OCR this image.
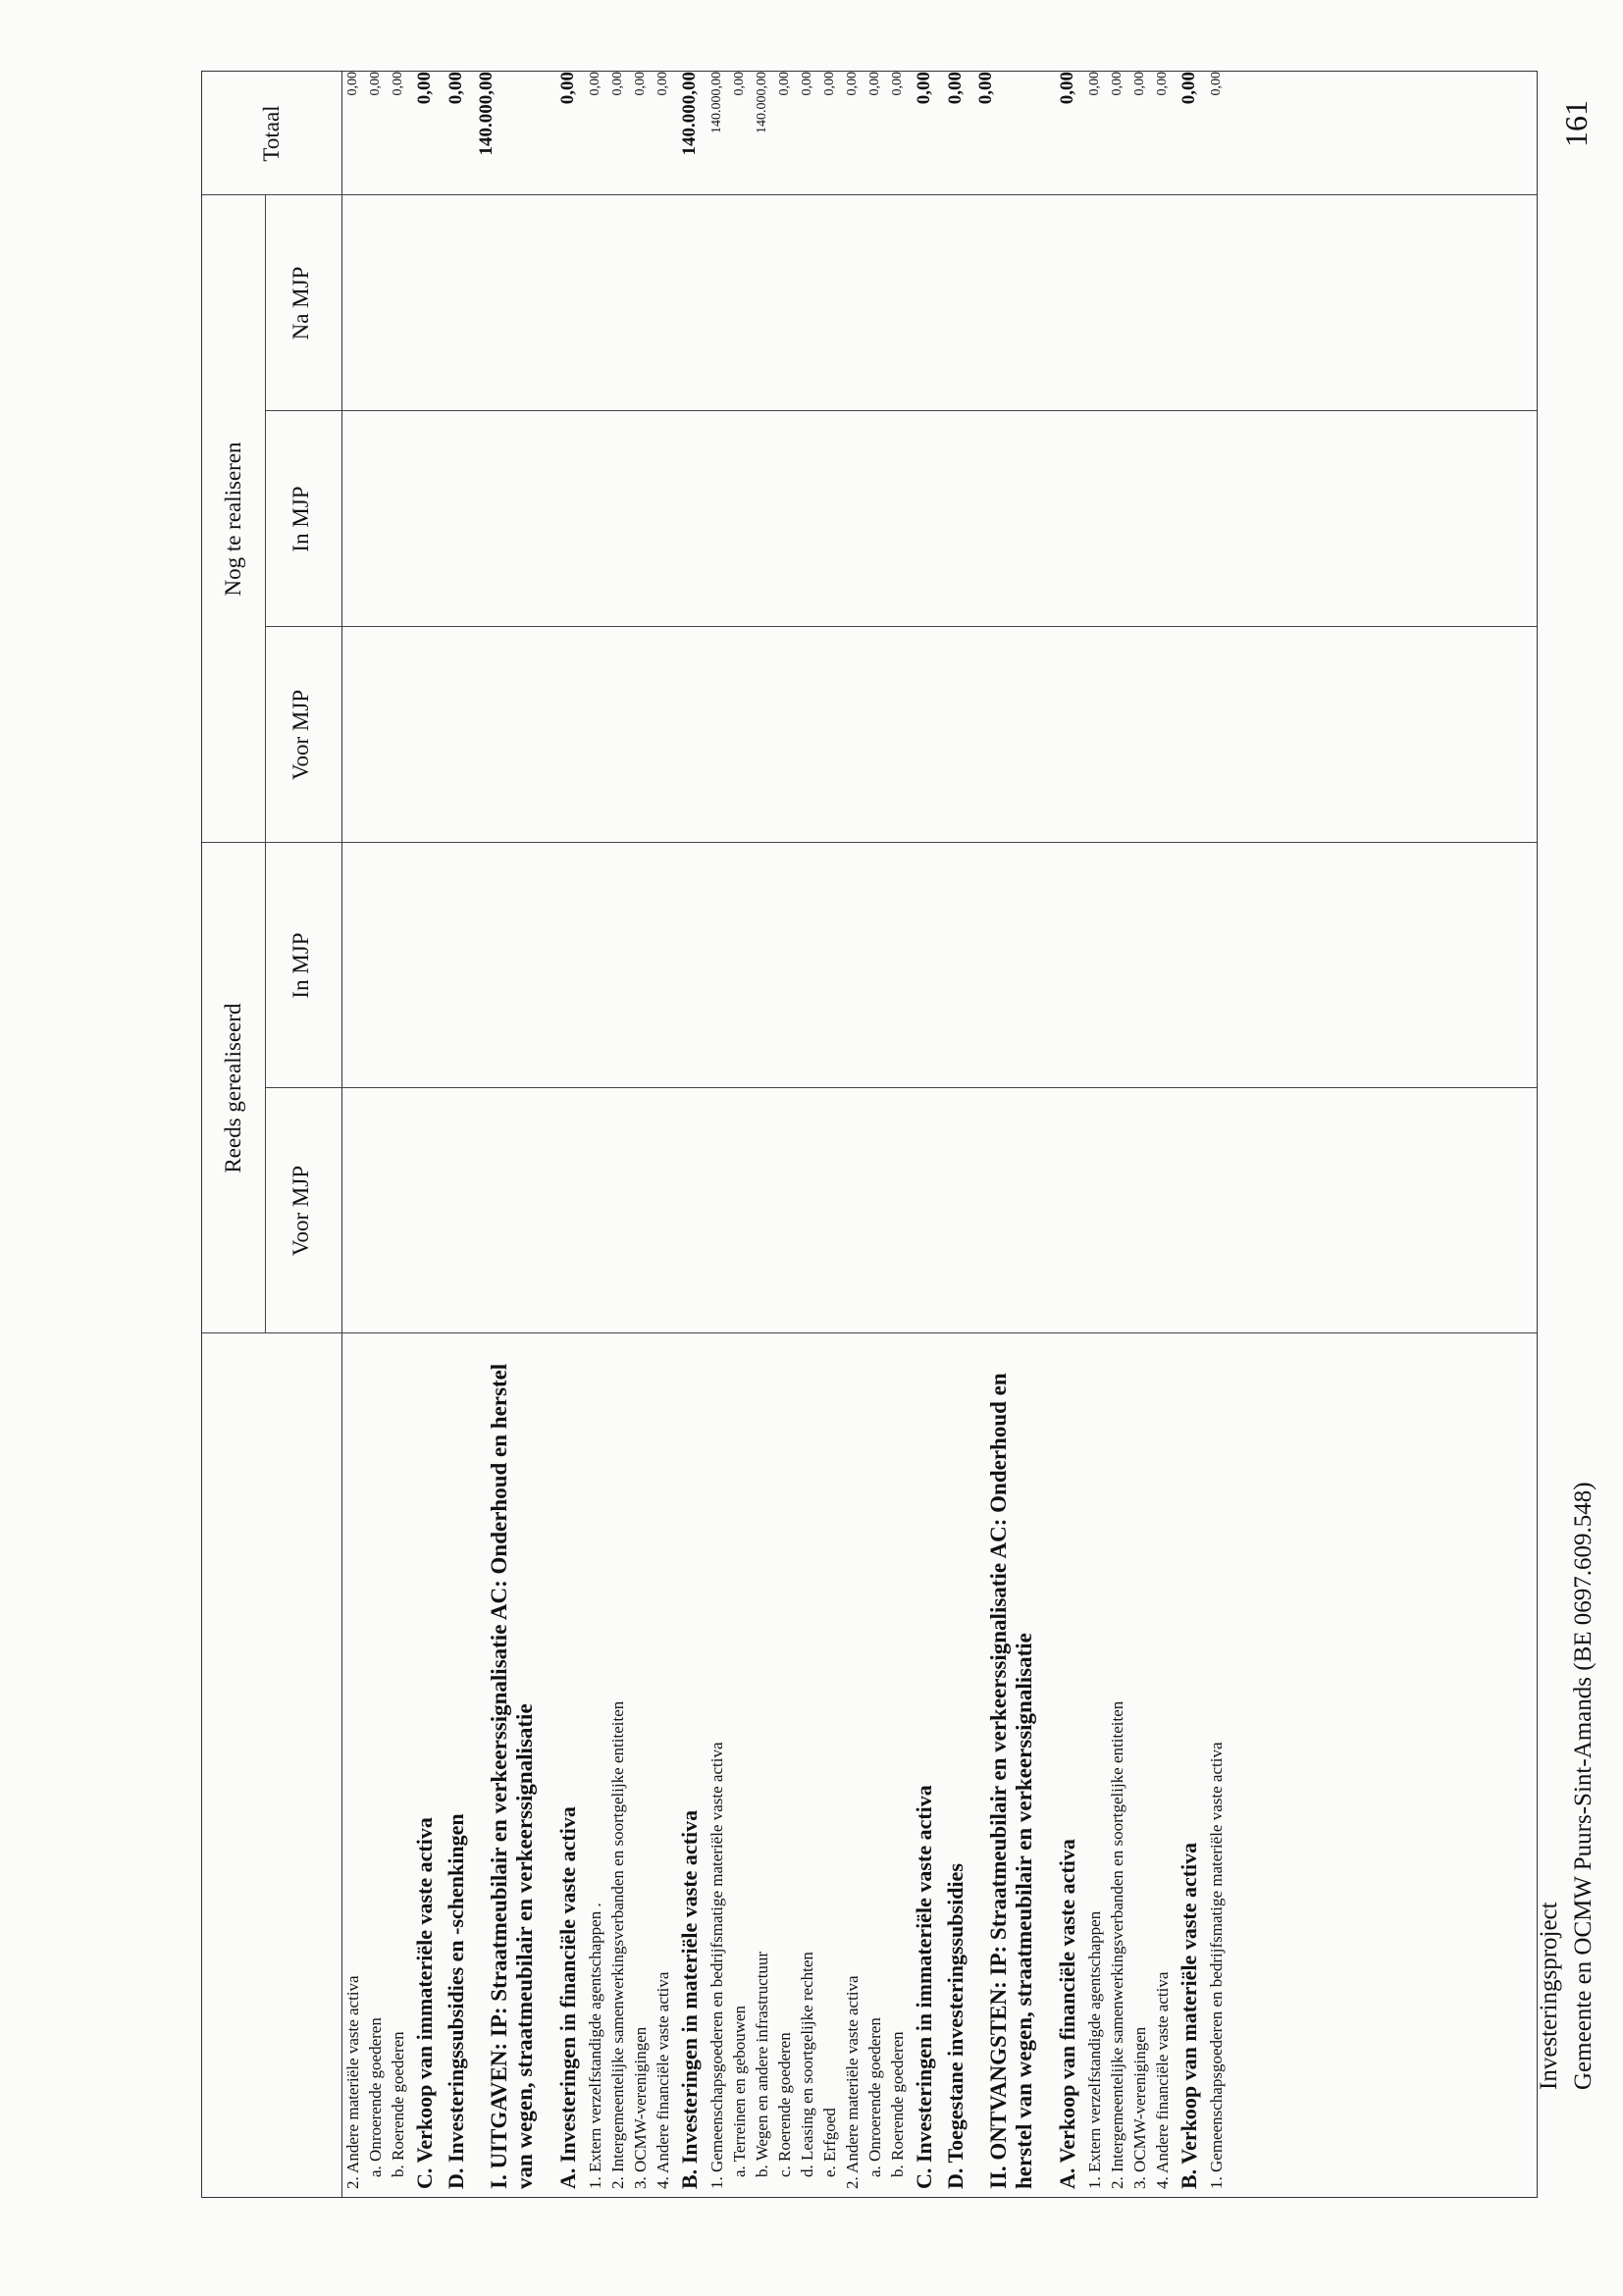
Reeds gerealiseerd
Nog te realiseren
Voor MJP
In MJP
Voor MJP
In MJP
Na MJP
Totaal
2. Andere materiële vaste activa
0,00
a. Onroerende goederen
0,00
b. Roerende goederen
0,00
C. Verkoop van immateriële vaste activa
0,00
D. Investeringssubsidies en -schenkingen
0,00
I. UITGAVEN: IP: Straatmeubilair en verkeerssignalisatie AC: Onderhoud en herstel van wegen, straatmeubilair en verkeerssignalisatie
140.000,00
A. Investeringen in financiële vaste activa
0,00
1. Extern verzelfstandigde agentschappen .
0,00
2. Intergemeentelijke samenwerkingsverbanden en soortgelijke entiteiten
0,00
3. OCMW-verenigingen
0,00
4. Andere financiële vaste activa
0,00
B. Investeringen in materiële vaste activa
140.000,00
1. Gemeenschapsgoederen en bedrijfsmatige materiële vaste activa
140.000,00
a. Terreinen en gebouwen
0,00
b. Wegen en andere infrastructuur
140.000,00
c. Roerende goederen
0,00
d. Leasing en soortgelijke rechten
0,00
e. Erfgoed
0,00
2. Andere materiële vaste activa
0,00
a. Onroerende goederen
0,00
b. Roerende goederen
0,00
C. Investeringen in immateriële vaste activa
0,00
D. Toegestane investeringssubsidies
0,00
II. ONTVANGSTEN: IP: Straatmeubilair en verkeerssignalisatie AC: Onderhoud en herstel van wegen, straatmeubilair en verkeerssignalisatie
0,00
A. Verkoop van financiële vaste activa
0,00
1. Extern verzelfstandigde agentschappen
0,00
2. Intergemeentelijke samenwerkingsverbanden en soortgelijke entiteiten
0,00
3. OCMW-verenigingen
0,00
4. Andere financiële vaste activa
0,00
B. Verkoop van materiële vaste activa
0,00
1. Gemeenschapsgoederen en bedrijfsmatige materiële vaste activa
0,00
Investeringsproject Gemeente en OCMW Puurs-Sint-Amands (BE 0697.609.548)
161
